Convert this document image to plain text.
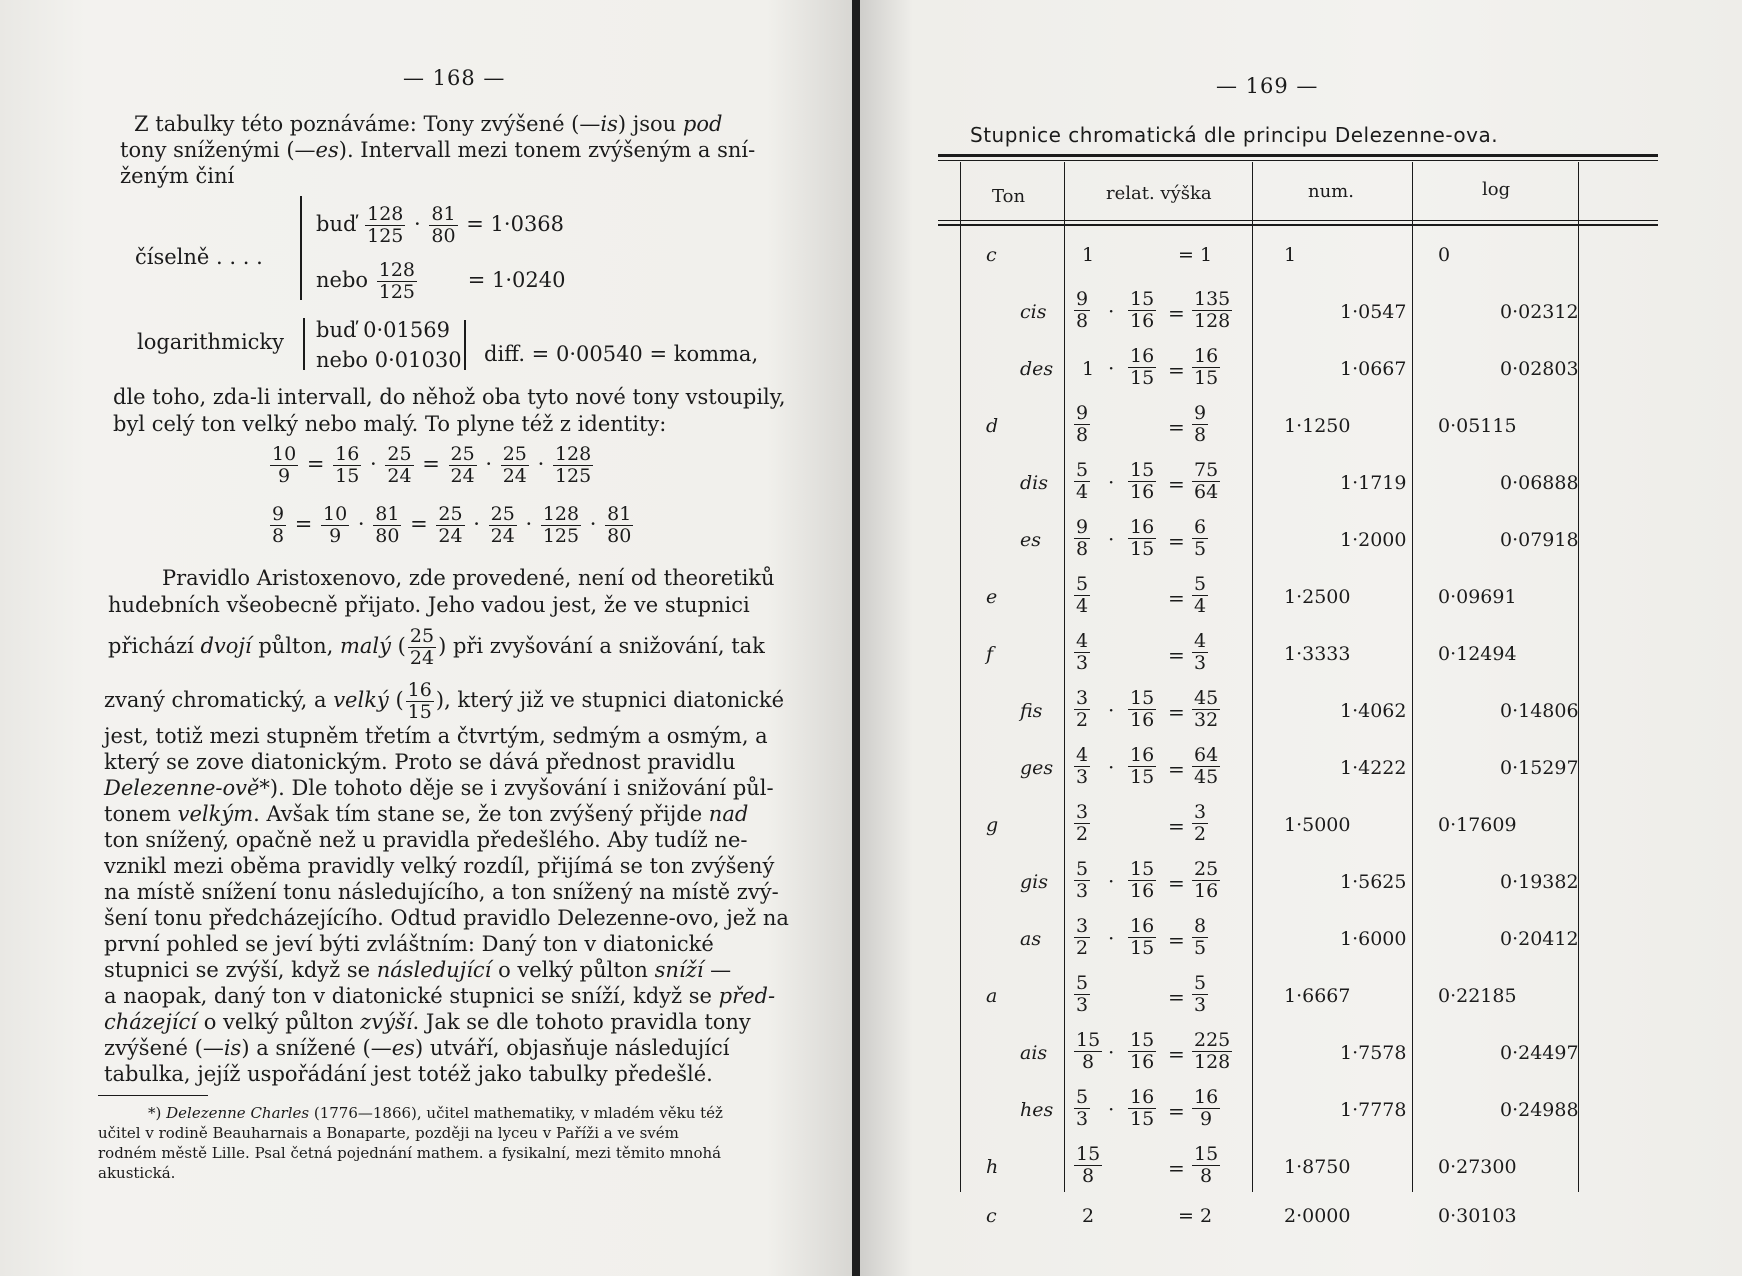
— 168 —
Z tabulky této poznáváme: Tony zvýšené (—is) jsou pod
tony sníženými (—es). Intervall mezi tonem zvýšeným a sní-
ženým činí
číselně . . . .
buď $\frac{128}{125} \cdot \frac{81}{80} = 1\cdot 0368$
nebo $\frac{128}{125} = 1\cdot 0240$
logarithmicky buď 0·01569
nebo 0·01030 diff. = 0·00540 = komma,
dle toho, zda-li intervall, do něhož oba tyto nové tony vstoupily,
byl celý ton velký nebo malý. To plyne též z identity:
$\frac{10}{9} = \frac{16}{15} \cdot \frac{25}{24} = \frac{25}{24} \cdot \frac{25}{24} \cdot \frac{128}{125}$
$\frac{9}{8} = \frac{10}{9} \cdot \frac{81}{80} = \frac{25}{24} \cdot \frac{25}{24} \cdot \frac{128}{125} \cdot \frac{81}{80}$
Pravidlo Aristoxenovo, zde provedené, není od theoretiků
hudebních všeobecně přijato. Jeho vadou jest, že ve stupnici
přichází dvojí půlton, malý ( $\frac{25}{24}$ ) při zvyšování a snižování, tak
zvaný chromatický, a velký ( $\frac{16}{15}$ ), který již ve stupnici diatonické
jest, totiž mezi stupněm třetím a čtvrtým, sedmým a osmým, a
který se zove diatonickým. Proto se dává přednost pravidlu
Delezenne-ově*). Dle tohoto děje se i zvyšování i snižování půl-
tonem velkým. Avšak tím stane se, že ton zvýšený přijde nad
ton snížený, opačně než u pravidla předešlého. Aby tudíž ne-
vznikl mezi oběma pravidly velký rozdíl, přijímá se ton zvýšený
na místě snížení tonu následujícího, a ton snížený na místě zvý-
šení tonu předcházejícího. Odtud pravidlo Delezenne-ovo, jež na
první pohled se jeví býti zvláštním: Daný ton v diatonické
stupnici se zvýší, když se následující o velký půlton sníží —
a naopak, daný ton v diatonické stupnici se sníží, když se před-
cházející o velký půlton zvýší. Jak se dle tohoto pravidla tony
zvýšené (—is) a snížené (—es) utváří, objasňuje následující
tabulka, jejíž uspořádání jest totéž jako tabulky předešlé.
*) Delezenne Charles (1776—1866), učitel mathematiky, v mladém věku též
učitel v rodině Beauharnais a Bonaparte, později na lyceu v Paříži a ve svém
rodném městě Lille. Psal četná pojednání mathem. a fysikalní, mezi těmito mnohá
akustická.
— 169 —
Stupnice chromatická dle principu Delezenne-ova.
Ton	relat. výška	num.	log
c	1	= 1	1	0
cis $\frac{9}{8} \cdot \frac{15}{16} = \frac{135}{128}$	1·0547	0·02312
des $1 \cdot \frac{16}{15} = \frac{16}{15}$	1·0667	0·02803
d	$\frac{9}{8}$	= $\frac{9}{8}$	1·1250	0·05115
dis $\frac{5}{4} \cdot \frac{15}{16} = \frac{75}{64}$	1·1719	0·06888
es $\frac{9}{8} \cdot \frac{16}{15} = \frac{6}{5}$	1·2000	0·07918
e	$\frac{5}{4}$	= $\frac{5}{4}$	1·2500	0·09691
f	$\frac{4}{3}$	= $\frac{4}{3}$	1·3333	0·12494
fis $\frac{3}{2} \cdot \frac{15}{16} = \frac{45}{32}$	1·4062	0·14806
ges $\frac{4}{3} \cdot \frac{16}{15} = \frac{64}{45}$	1·4222	0·15297
g	$\frac{3}{2}$	= $\frac{3}{2}$	1·5000	0·17609
gis $\frac{5}{3} \cdot \frac{15}{16} = \frac{25}{16}$	1·5625	0·19382
as $\frac{3}{2} \cdot \frac{16}{15} = \frac{8}{5}$	1·6000	0·20412
a	$\frac{5}{3}$	= $\frac{5}{3}$	1·6667	0·22185
ais $\frac{15}{8} \cdot \frac{15}{16} = \frac{225}{128}$	1·7578	0·24497
hes $\frac{5}{3} \cdot \frac{16}{15} = \frac{16}{9}$	1·7778	0·24988
h	$\frac{15}{8}$	= $\frac{15}{8}$	1·8750	0·27300
c	2	= 2	2·0000	0·30103
